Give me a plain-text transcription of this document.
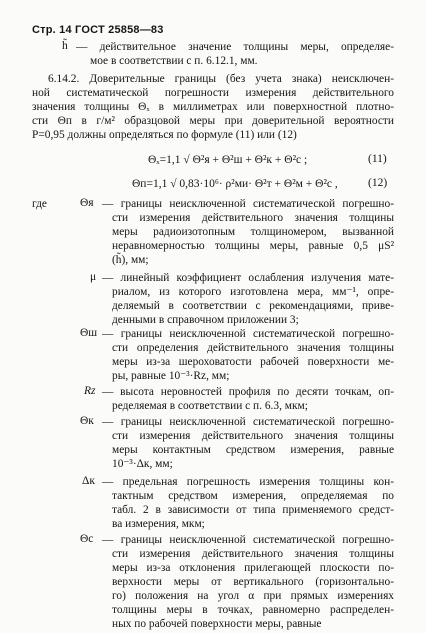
Стр. 14 ГОСТ 25858—83
h̃ — действительное значение толщины меры, определяе-
мое в соответствии с п. 6.12.1, мм.
6.14.2. Доверительные границы (без учета знака) неисключен-
ной систематической погрешности измерения действительного
значения толщины Θₓ в миллиметрах или поверхностной плотно-
сти Θп в г/м² образцовой меры при доверительной вероятности
P=0,95 должны определяться по формуле (11) или (12)
Θₓ=1,1 √ Θ²я + Θ²ш + Θ²к + Θ²с ;	(11)
Θп=1,1 √ 0,83·10⁶· ρ²ми· Θ²т + Θ²м + Θ²с ,	(12)
где	Θя — границы неисключенной систематической погрешно-
сти измерения действительного значения толщины
меры радиоизотопным толщиномером, вызванной
неравномерностью толщины меры, равные 0,5 μS²
(h̃), мм;
μ — линейный коэффициент ослабления излучения мате-
риалом, из которого изготовлена мера, мм⁻¹, опре-
деляемый в соответствии с рекомендациями, приве-
денными в справочном приложении 3;
Θш — границы неисключенной систематической погрешно-
сти определения действительного значения толщины
меры из-за шероховатости рабочей поверхности ме-
ры, равные 10⁻³·Rz, мм;
Rz — высота неровностей профиля по десяти точкам, оп-
ределяемая в соответствии с п. 6.3, мкм;
Θк — границы неисключенной систематической погрешно-
сти измерения действительного значения толщины
меры контактным средством измерения, равные
10⁻³·Δк, мм;
Δк — предельная погрешность измерения толщины кон-
тактным средством измерения, определяемая по
табл. 2 в зависимости от типа применяемого средст-
ва измерения, мкм;
Θс — границы неисключенной систематической погрешно-
сти измерения действительного значения толщины
меры из-за отклонения прилегающей плоскости по-
верхности меры от вертикального (горизонтально-
го) положения на угол α при прямых измерениях
толщины меры в точках, равномерно распределен-
ных по рабочей поверхности меры, равные
